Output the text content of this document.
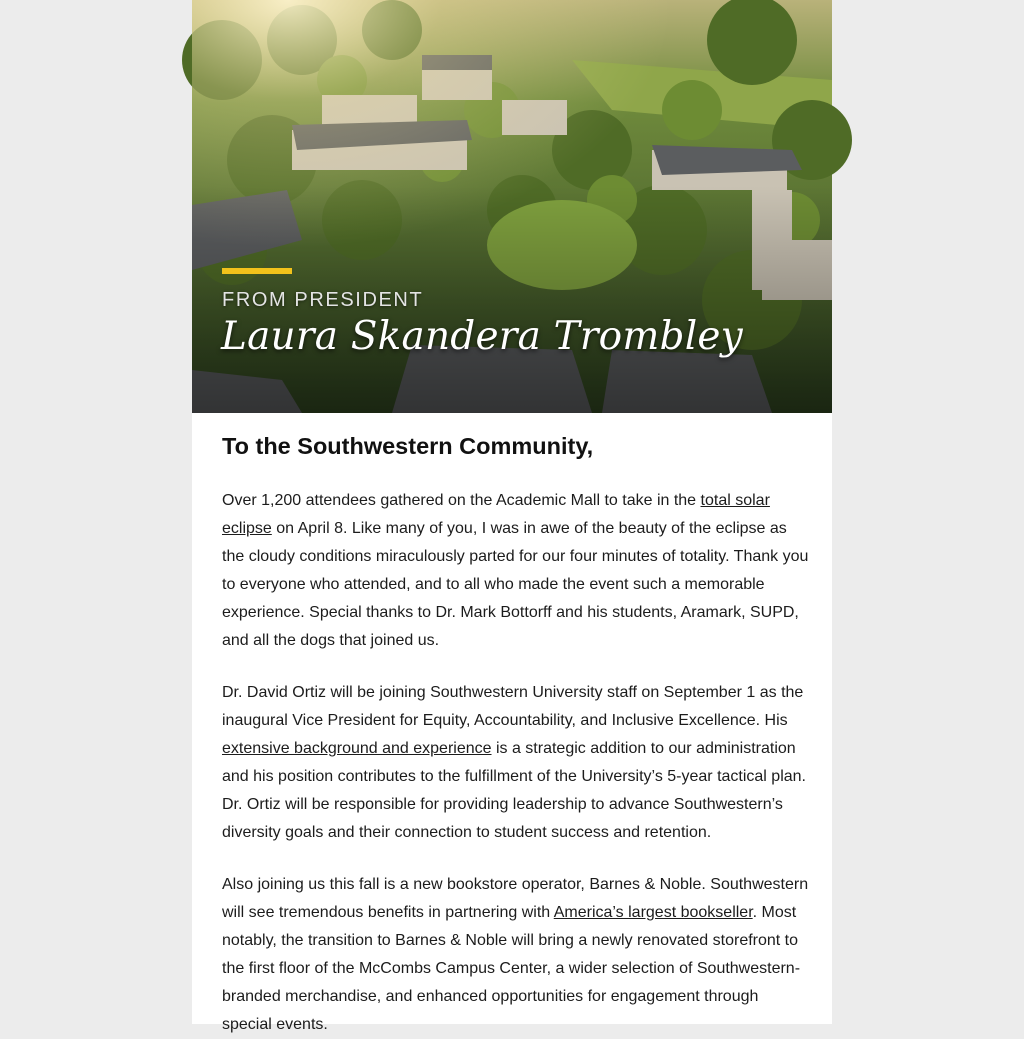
FROM PRESIDENT
Laura Skandera Trombley
To the Southwestern Community,

Over 1,200 attendees gathered on the Academic Mall to take in the total solar eclipse on April 8. Like many of you, I was in awe of the beauty of the eclipse as the cloudy conditions miraculously parted for our four minutes of totality. Thank you to everyone who attended, and to all who made the event such a memorable experience. Special thanks to Dr. Mark Bottorff and his students, Aramark, SUPD, and all the dogs that joined us.

Dr. David Ortiz will be joining Southwestern University staff on September 1 as the inaugural Vice President for Equity, Accountability, and Inclusive Excellence. His extensive background and experience is a strategic addition to our administration and his position contributes to the fulfillment of the University’s 5-year tactical plan. Dr. Ortiz will be responsible for providing leadership to advance Southwestern’s diversity goals and their connection to student success and retention.

Also joining us this fall is a new bookstore operator, Barnes & Noble. Southwestern will see tremendous benefits in partnering with America’s largest bookseller. Most notably, the transition to Barnes & Noble will bring a newly renovated storefront to the first floor of the McCombs Campus Center, a wider selection of Southwestern-branded merchandise, and enhanced opportunities for engagement through special events.
